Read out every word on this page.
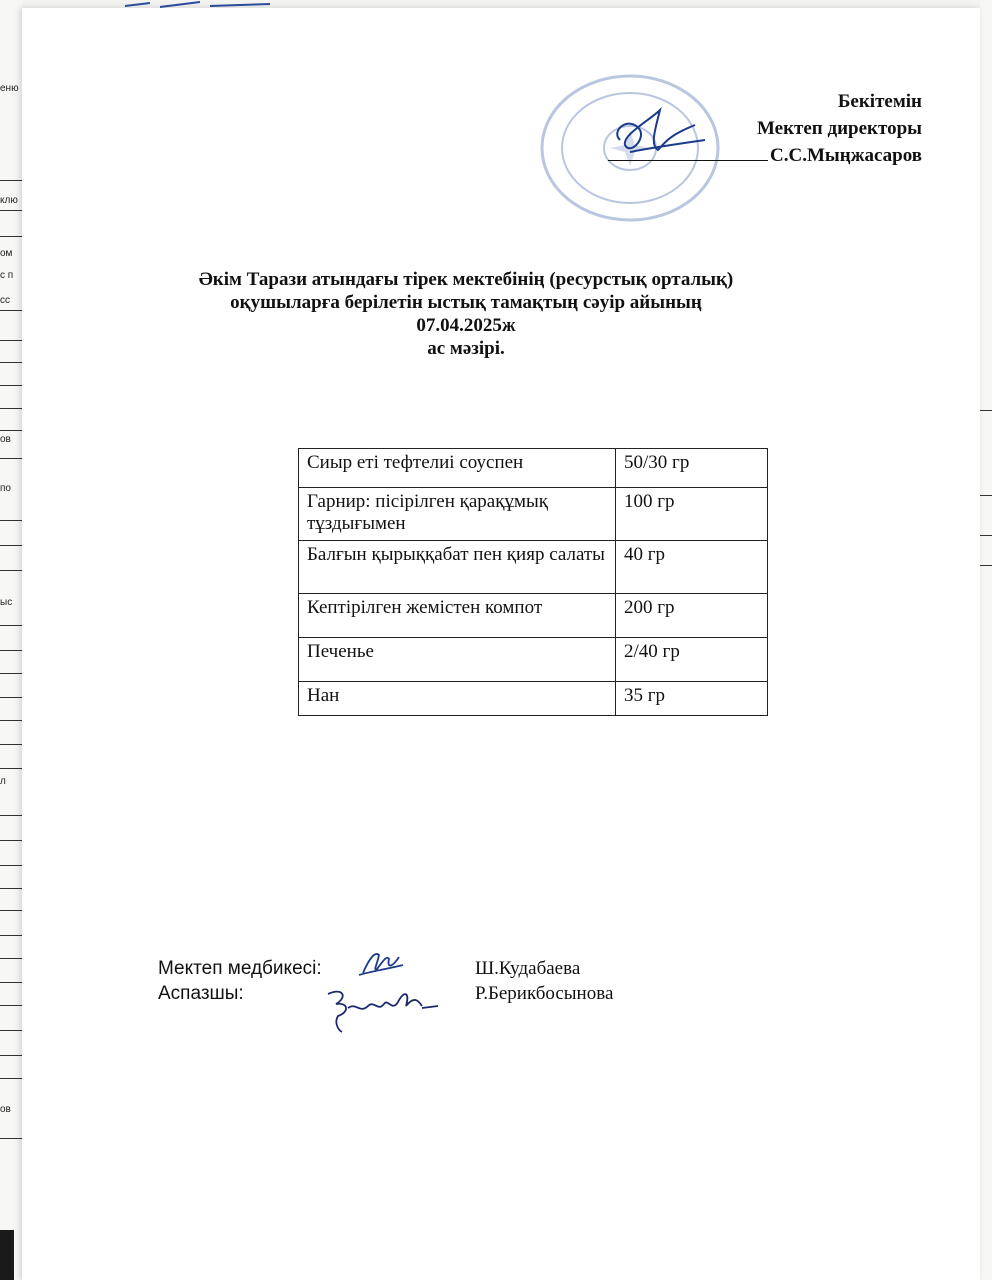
еню
клю
ом
с п
сс
ов
по
ыс
л
ов
Бекітемін
Мектеп директоры
С.С.Мыңжасаров
Әкім Тарази атындағы тірек мектебінің (ресурстық орталық)
оқушыларға берілетін ыстық тамақтың сәуір айының
07.04.2025ж
ас мәзірі.
Сиыр еті тефтелиі соуспен	50/30 гр
Гарнир: пісірілген қарақұмық тұздығымен	100 гр
Балғын қырыққабат пен қияр салаты	40 гр
Кептірілген жемістен компот	200 гр
Печенье	2/40 гр
Нан	35 гр
Мектеп медбикесі:	Ш.Кудабаева
Аспазшы:	Р.Берикбосынова
